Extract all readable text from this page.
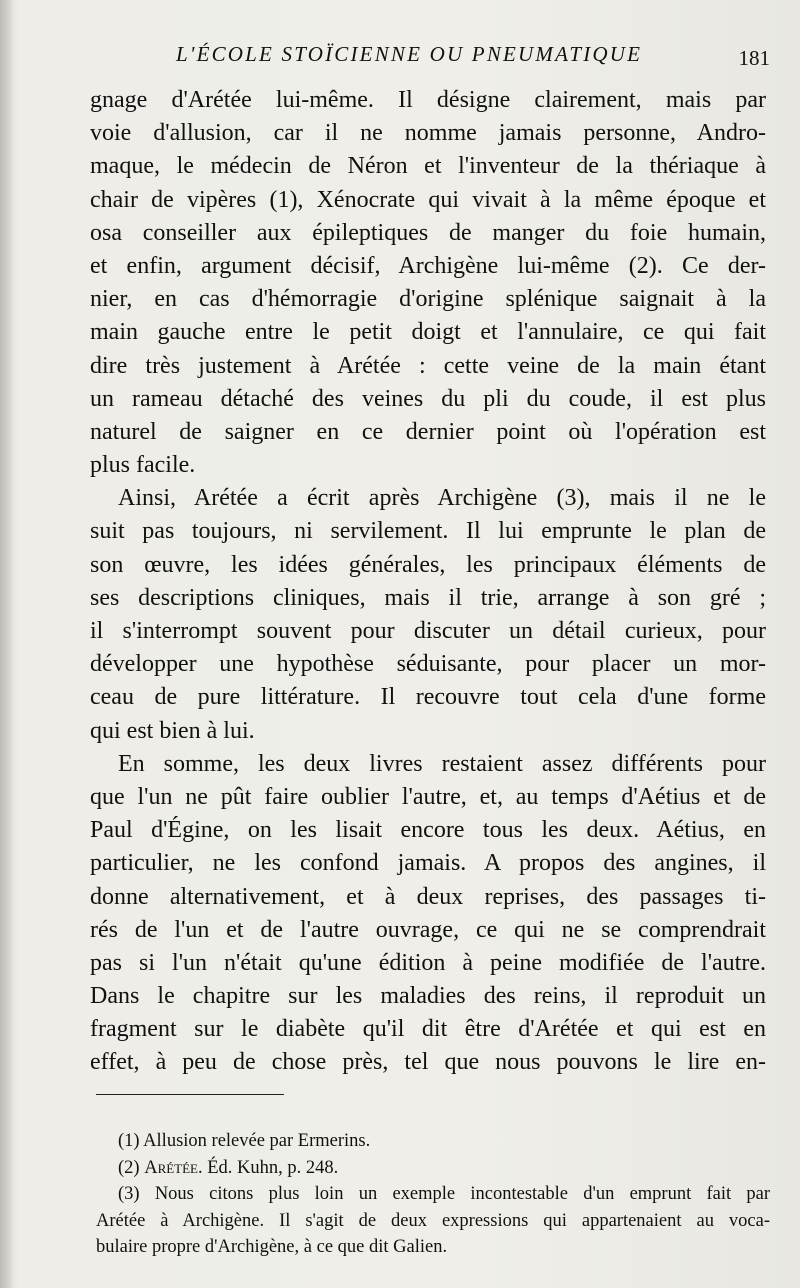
L'ÉCOLE STOÏCIENNE OU PNEUMATIQUE	181
gnage d'Arétée lui-même. Il désigne clairement, mais par
voie d'allusion, car il ne nomme jamais personne, Andro-
maque, le médecin de Néron et l'inventeur de la thériaque à
chair de vipères (1), Xénocrate qui vivait à la même époque et
osa conseiller aux épileptiques de manger du foie humain,
et enfin, argument décisif, Archigène lui-même (2). Ce der-
nier, en cas d'hémorragie d'origine splénique saignait à la
main gauche entre le petit doigt et l'annulaire, ce qui fait
dire très justement à Arétée : cette veine de la main étant
un rameau détaché des veines du pli du coude, il est plus
naturel de saigner en ce dernier point où l'opération est
plus facile.
Ainsi, Arétée a écrit après Archigène (3), mais il ne le
suit pas toujours, ni servilement. Il lui emprunte le plan de
son œuvre, les idées générales, les principaux éléments de
ses descriptions cliniques, mais il trie, arrange à son gré ;
il s'interrompt souvent pour discuter un détail curieux, pour
développer une hypothèse séduisante, pour placer un mor-
ceau de pure littérature. Il recouvre tout cela d'une forme
qui est bien à lui.
En somme, les deux livres restaient assez différents pour
que l'un ne pût faire oublier l'autre, et, au temps d'Aétius et de
Paul d'Égine, on les lisait encore tous les deux. Aétius, en
particulier, ne les confond jamais. A propos des angines, il
donne alternativement, et à deux reprises, des passages ti-
rés de l'un et de l'autre ouvrage, ce qui ne se comprendrait
pas si l'un n'était qu'une édition à peine modifiée de l'autre.
Dans le chapitre sur les maladies des reins, il reproduit un
fragment sur le diabète qu'il dit être d'Arétée et qui est en
effet, à peu de chose près, tel que nous pouvons le lire en-
(1) Allusion relevée par Ermerins.
(2) Arétée. Éd. Kuhn, p. 248.
(3) Nous citons plus loin un exemple incontestable d'un emprunt fait par
Arétée à Archigène. Il s'agit de deux expressions qui appartenaient au voca-
bulaire propre d'Archigène, à ce que dit Galien.
